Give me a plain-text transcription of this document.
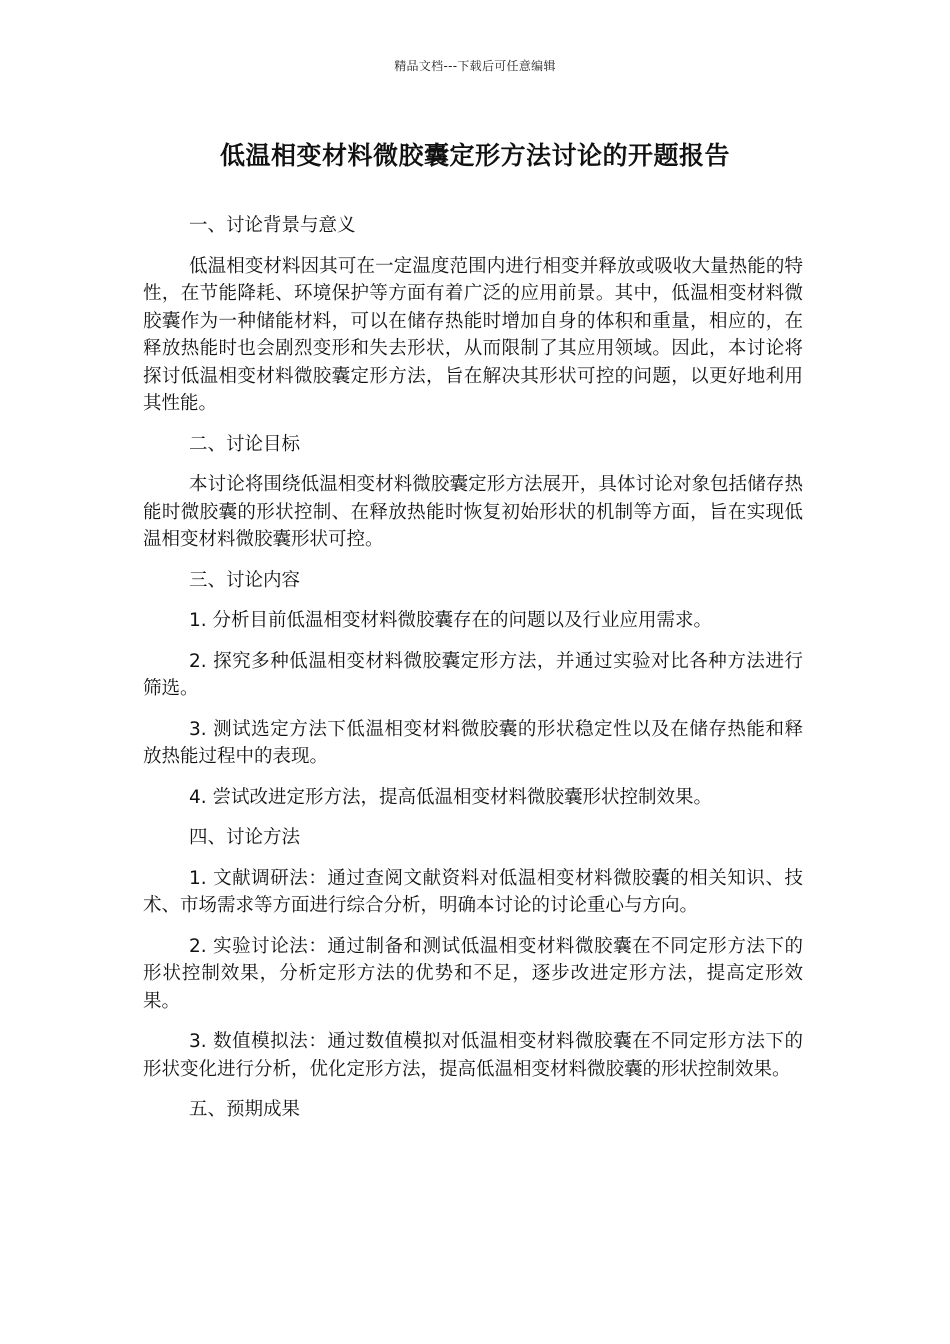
精品文档---下载后可任意编辑
低温相变材料微胶囊定形方法讨论的开题报告

一、讨论背景与意义

低温相变材料因其可在一定温度范围内进行相变并释放或吸收大量热能的特性，在节能降耗、环境保护等方面有着广泛的应用前景。其中，低温相变材料微胶囊作为一种储能材料，可以在储存热能时增加自身的体积和重量，相应的，在释放热能时也会剧烈变形和失去形状，从而限制了其应用领域。因此，本讨论将探讨低温相变材料微胶囊定形方法，旨在解决其形状可控的问题，以更好地利用其性能。

二、讨论目标

本讨论将围绕低温相变材料微胶囊定形方法展开，具体讨论对象包括储存热能时微胶囊的形状控制、在释放热能时恢复初始形状的机制等方面，旨在实现低温相变材料微胶囊形状可控。

三、讨论内容

1. 分析目前低温相变材料微胶囊存在的问题以及行业应用需求。

2. 探究多种低温相变材料微胶囊定形方法，并通过实验对比各种方法进行筛选。

3. 测试选定方法下低温相变材料微胶囊的形状稳定性以及在储存热能和释放热能过程中的表现。

4. 尝试改进定形方法，提高低温相变材料微胶囊形状控制效果。

四、讨论方法

1. 文献调研法：通过查阅文献资料对低温相变材料微胶囊的相关知识、技术、市场需求等方面进行综合分析，明确本讨论的讨论重心与方向。

2. 实验讨论法：通过制备和测试低温相变材料微胶囊在不同定形方法下的形状控制效果，分析定形方法的优势和不足，逐步改进定形方法，提高定形效果。

3. 数值模拟法：通过数值模拟对低温相变材料微胶囊在不同定形方法下的形状变化进行分析，优化定形方法，提高低温相变材料微胶囊的形状控制效果。

五、预期成果
